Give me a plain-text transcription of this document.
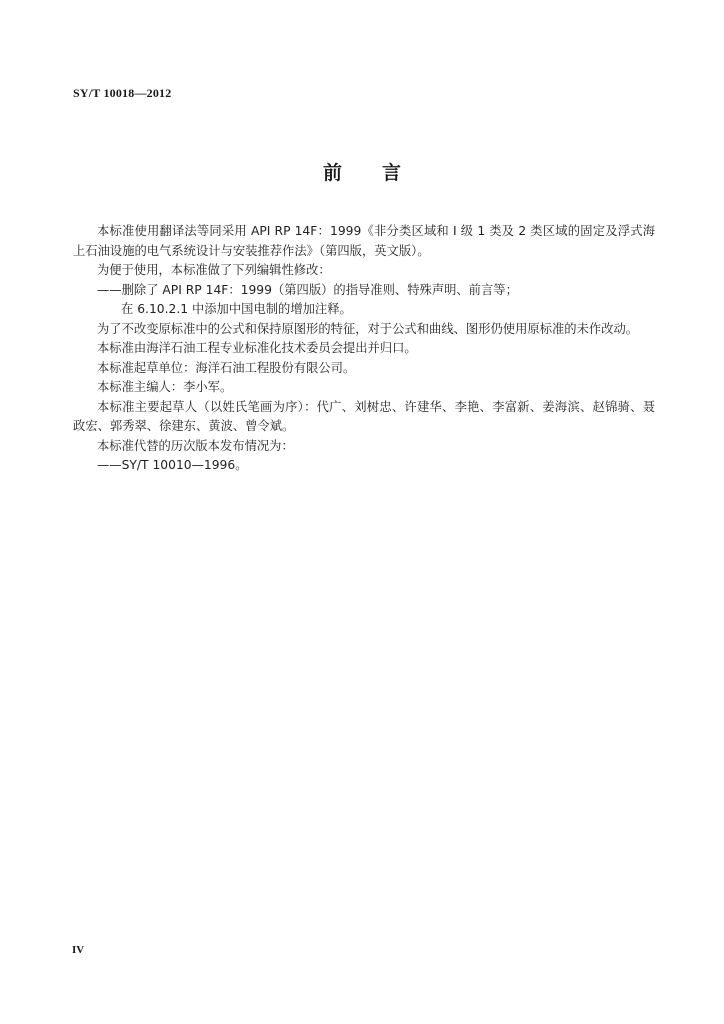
SY/T 10018—2012
前 言

本标准使用翻译法等同采用 API RP 14F：1999《非分类区域和 I 级 1 类及 2 类区域的固定及浮式海上石油设施的电气系统设计与安装推荐作法》（第四版，英文版）。

为便于使用，本标准做了下列编辑性修改：

——删除了 API RP 14F：1999（第四版）的指导准则、特殊声明、前言等；

在 6.10.2.1 中添加中国电制的增加注释。

为了不改变原标准中的公式和保持原图形的特征，对于公式和曲线、图形仍使用原标准的未作改动。

本标准由海洋石油工程专业标准化技术委员会提出并归口。

本标准起草单位：海洋石油工程股份有限公司。

本标准主编人：李小军。

本标准主要起草人（以姓氏笔画为序）：代广、刘树忠、许建华、李艳、李富新、姜海滨、赵锦骑、聂政宏、郭秀翠、徐建东、黄波、曾令斌。

本标准代替的历次版本发布情况为：

——SY/T 10010—1996。

IV
